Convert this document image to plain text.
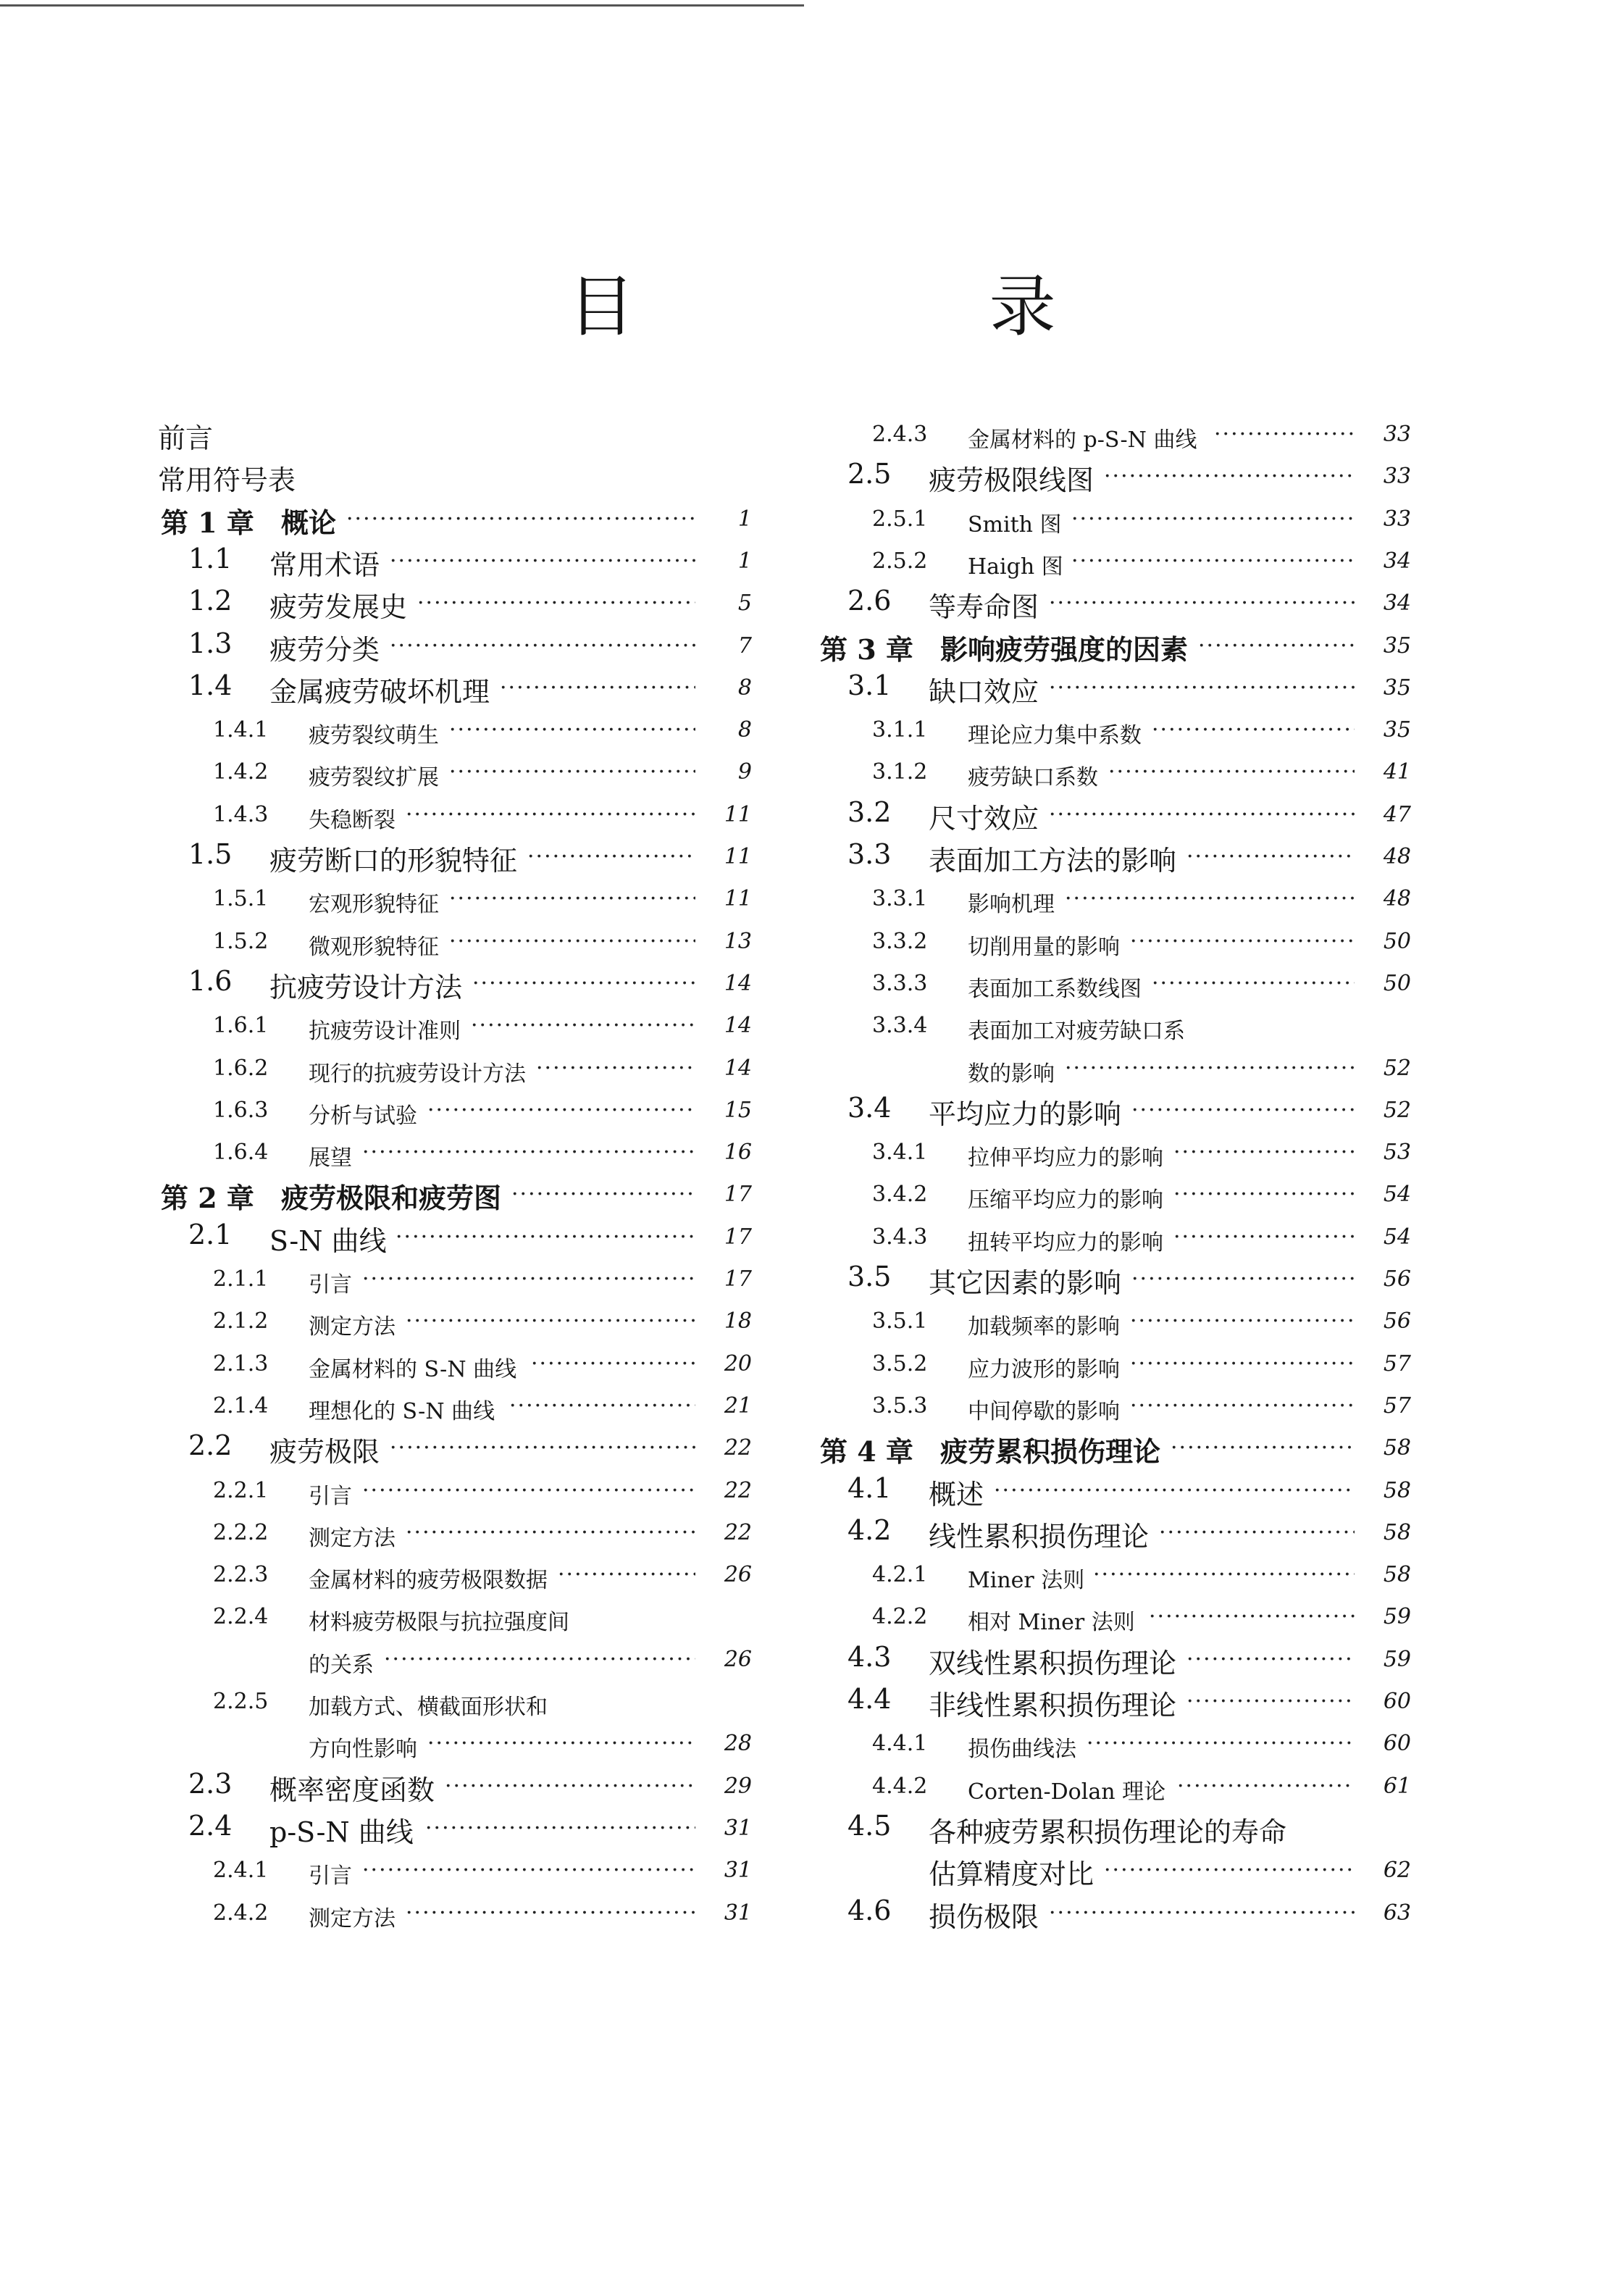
目 录
前言
常用符号表
第 1 章 概论 ·····	1
1.1 常用术语 ·····	1
1.2 疲劳发展史 ·····	5
1.3 疲劳分类 ·····	7
1.4 金属疲劳破坏机理 ·····	8
1.4.1 疲劳裂纹萌生 ·····	8
1.4.2 疲劳裂纹扩展 ·····	9
1.4.3 失稳断裂 ·····	11
1.5 疲劳断口的形貌特征 ·····	11
1.5.1 宏观形貌特征 ·····	11
1.5.2 微观形貌特征 ·····	13
1.6 抗疲劳设计方法 ·····	14
1.6.1 抗疲劳设计准则 ·····	14
1.6.2 现行的抗疲劳设计方法 ·····	14
1.6.3 分析与试验 ·····	15
1.6.4 展望 ·····	16
第 2 章 疲劳极限和疲劳图 ·····	17
2.1 S-N 曲线 ·····	17
2.1.1 引言 ·····	17
2.1.2 测定方法 ·····	18
2.1.3 金属材料的 S-N 曲线 ·····	20
2.1.4 理想化的 S-N 曲线 ·····	21
2.2 疲劳极限 ·····	22
2.2.1 引言 ·····	22
2.2.2 测定方法 ·····	22
2.2.3 金属材料的疲劳极限数据 ·····	26
2.2.4 材料疲劳极限与抗拉强度间
的关系 ·····	26
2.2.5 加载方式、横截面形状和
方向性影响 ·····	28
2.3 概率密度函数 ·····	29
2.4 p-S-N 曲线 ·····	31
2.4.1 引言 ·····	31
2.4.2 测定方法 ·····	31
2.4.3 金属材料的 p-S-N 曲线 ·····	33
2.5 疲劳极限线图 ·····	33
2.5.1 Smith 图 ·····	33
2.5.2 Haigh 图 ·····	34
2.6 等寿命图 ·····	34
第 3 章 影响疲劳强度的因素 ·····	35
3.1 缺口效应 ·····	35
3.1.1 理论应力集中系数 ·····	35
3.1.2 疲劳缺口系数 ·····	41
3.2 尺寸效应 ·····	47
3.3 表面加工方法的影响 ·····	48
3.3.1 影响机理 ·····	48
3.3.2 切削用量的影响 ·····	50
3.3.3 表面加工系数线图 ·····	50
3.3.4 表面加工对疲劳缺口系
数的影响 ·····	52
3.4 平均应力的影响 ·····	52
3.4.1 拉伸平均应力的影响 ·····	53
3.4.2 压缩平均应力的影响 ·····	54
3.4.3 扭转平均应力的影响 ·····	54
3.5 其它因素的影响 ·····	56
3.5.1 加载频率的影响 ·····	56
3.5.2 应力波形的影响 ·····	57
3.5.3 中间停歇的影响 ·····	57
第 4 章 疲劳累积损伤理论 ·····	58
4.1 概述 ·····	58
4.2 线性累积损伤理论 ·····	58
4.2.1 Miner 法则 ·····	58
4.2.2 相对 Miner 法则 ·····	59
4.3 双线性累积损伤理论 ·····	59
4.4 非线性累积损伤理论 ·····	60
4.4.1 损伤曲线法 ·····	60
4.4.2 Corten-Dolan 理论 ·····	61
4.5 各种疲劳累积损伤理论的寿命
估算精度对比 ·····	62
4.6 损伤极限 ·····	63
